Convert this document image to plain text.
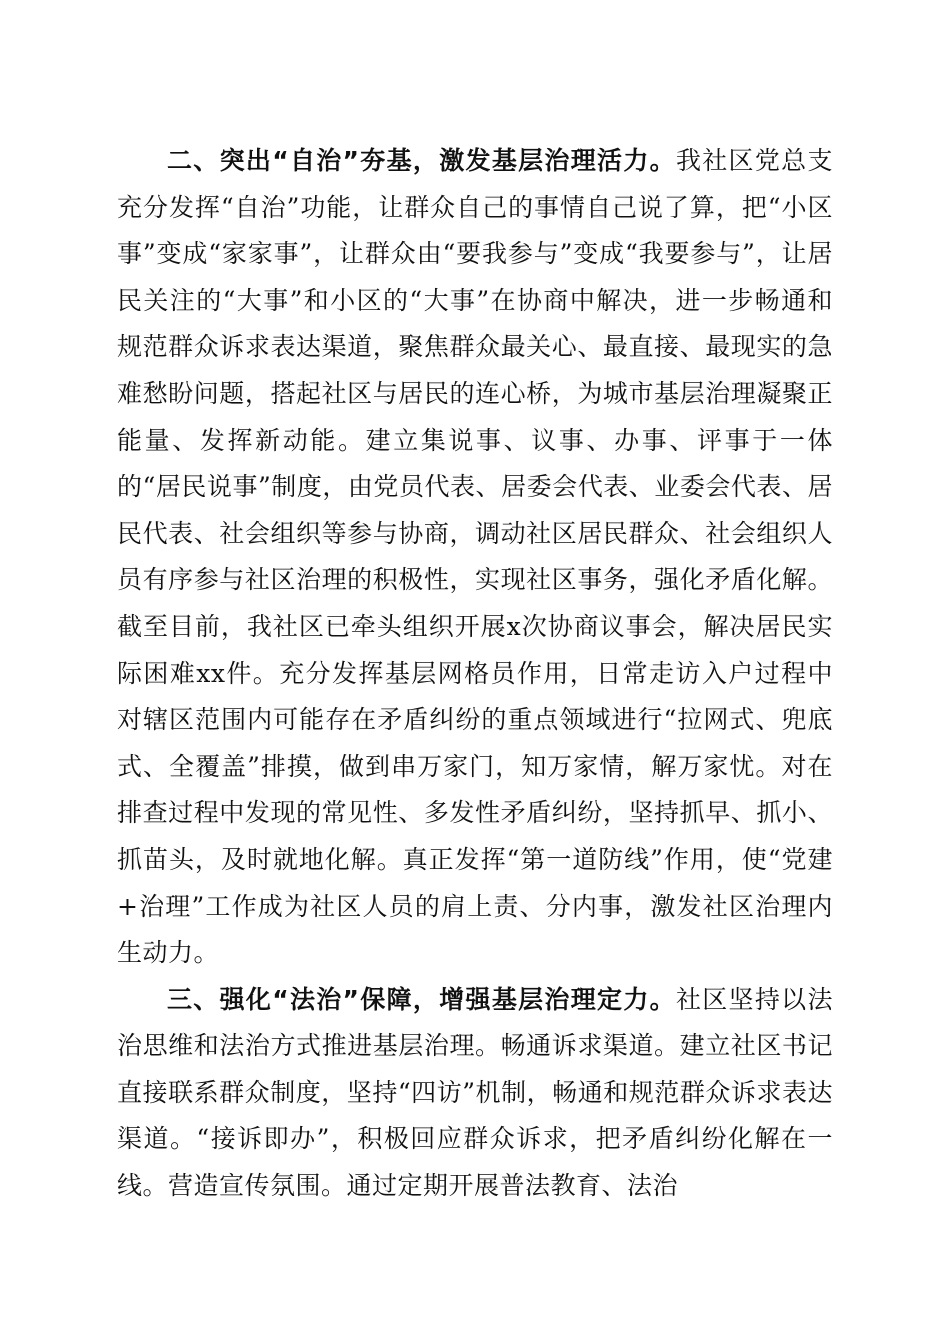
二、突出“自治”夯基，激发基层治理活力。我社区党总支充分发挥“自治”功能，让群众自己的事情自己说了算，把“小区事”变成“家家事”，让群众由“要我参与”变成“我要参与”，让居民关注的“大事”和小区的“大事”在协商中解决，进一步畅通和规范群众诉求表达渠道，聚焦群众最关心、最直接、最现实的急难愁盼问题，搭起社区与居民的连心桥，为城市基层治理凝聚正能量、发挥新动能。建立集说事、议事、办事、评事于一体的“居民说事”制度，由党员代表、居委会代表、业委会代表、居民代表、社会组织等参与协商，调动社区居民群众、社会组织人员有序参与社区治理的积极性，实现社区事务，强化矛盾化解。截至目前，我社区已牵头组织开展x次协商议事会，解决居民实际困难xx件。充分发挥基层网格员作用，日常走访入户过程中对辖区范围内可能存在矛盾纠纷的重点领域进行“拉网式、兜底式、全覆盖”排摸，做到串万家门，知万家情，解万家忧。对在排查过程中发现的常见性、多发性矛盾纠纷，坚持抓早、抓小、抓苗头，及时就地化解。真正发挥“第一道防线”作用，使“党建+治理”工作成为社区人员的肩上责、分内事，激发社区治理内生动力。

三、强化“法治”保障，增强基层治理定力。社区坚持以法治思维和法治方式推进基层治理。畅通诉求渠道。建立社区书记直接联系群众制度，坚持“四访”机制，畅通和规范群众诉求表达渠道。“接诉即办”，积极回应群众诉求，把矛盾纠纷化解在一线。营造宣传氛围。通过定期开展普法教育、法治
